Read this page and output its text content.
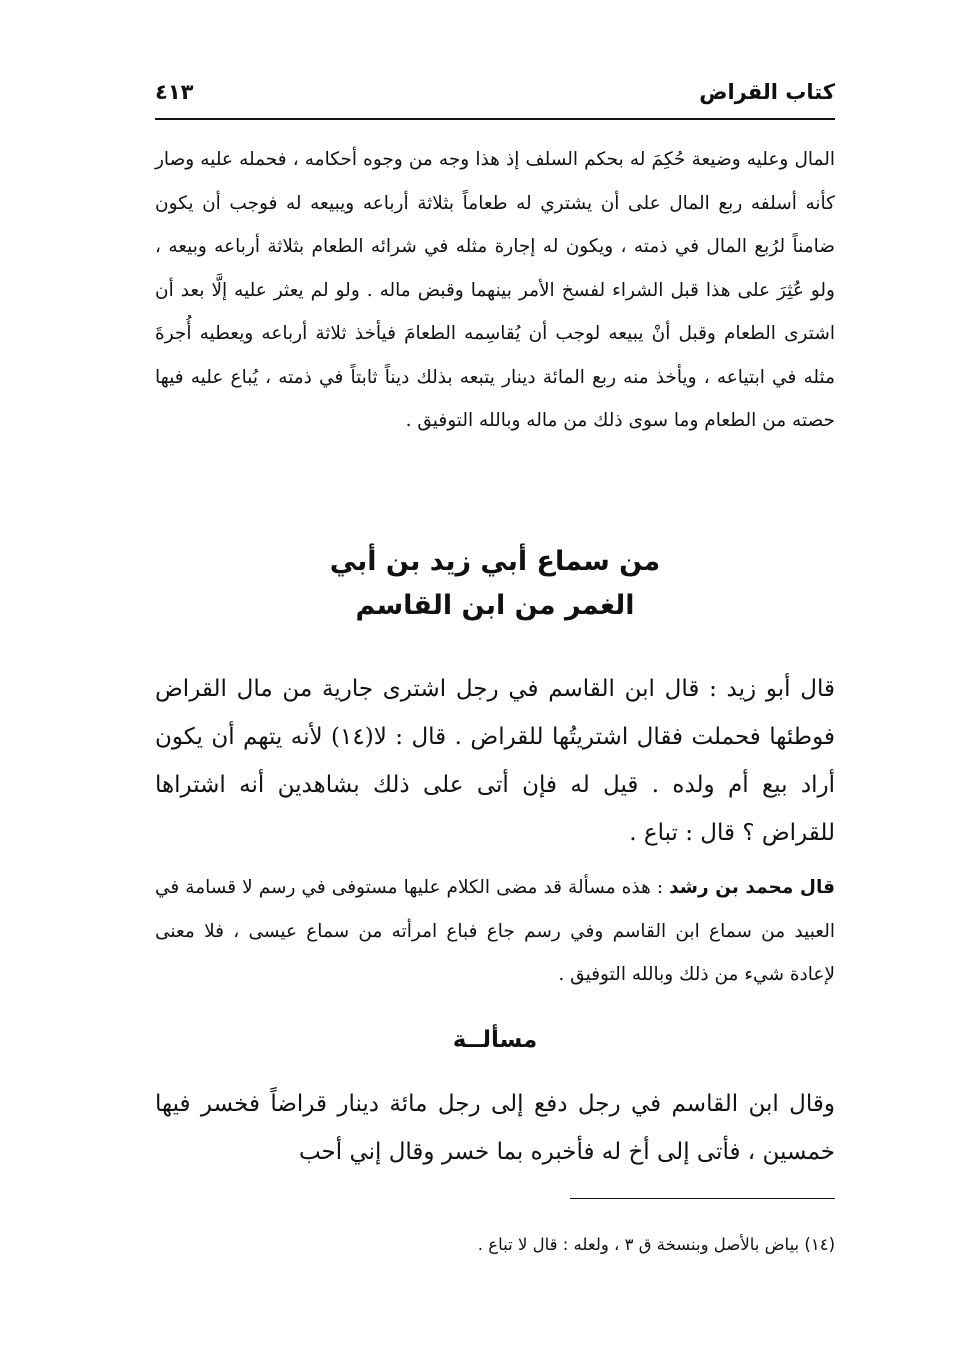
كتاب القراض
٤١٣
المال وعليه وضيعة حُكِمَ له بحكم السلف إذ هذا وجه من وجوه أحكامه ، فحمله عليه وصار كأنه أسلفه ربع المال على أن يشتري له طعاماً بثلاثة أرباعه ويبيعه له فوجب أن يكون ضامناً لرُبع المال في ذمته ، ويكون له إجارة مثله في شرائه الطعام بثلاثة أرباعه وبيعه ، ولو عُثِرَ على هذا قبل الشراء لفسخ الأمر بينهما وقبض ماله . ولو لم يعثر عليه إلَّا بعد أن اشترى الطعام وقبل أنْ يبيعه لوجب أن يُقاسِمه الطعامَ فيأخذ ثلاثة أرباعه ويعطيه أُجرةَ مثله في ابتياعه ، ويأخذ منه ربع المائة دينار يتبعه بذلك ديناً ثابتاً في ذمته ، يُباع عليه فيها حصته من الطعام وما سوى ذلك من ماله وبالله التوفيق .
من سماع أبي زيد بن أبي
الغمر من ابن القاسم
قال أبو زيد : قال ابن القاسم في رجل اشترى جارية من مال القراض فوطئها فحملت فقال اشتريتُها للقراض . قال : لا(١٤) لأنه يتهم أن يكون أراد بيع أم ولده . قيل له فإن أتى على ذلك بشاهدين أنه اشتراها للقراض ؟ قال : تباع .
قال محمد بن رشد : هذه مسألة قد مضى الكلام عليها مستوفى في رسم لا قسامة في العبيد من سماع ابن القاسم وفي رسم جاع فباع امرأته من سماع عيسى ، فلا معنى لإعادة شيء من ذلك وبالله التوفيق .
مسألــة
وقال ابن القاسم في رجل دفع إلى رجل مائة دينار قراضاً فخسر فيها خمسين ، فأتى إلى أخ له فأخبره بما خسر وقال إني أحب
(١٤) بياض بالأصل وبنسخة ق ٣ ، ولعله : قال لا تباع .
